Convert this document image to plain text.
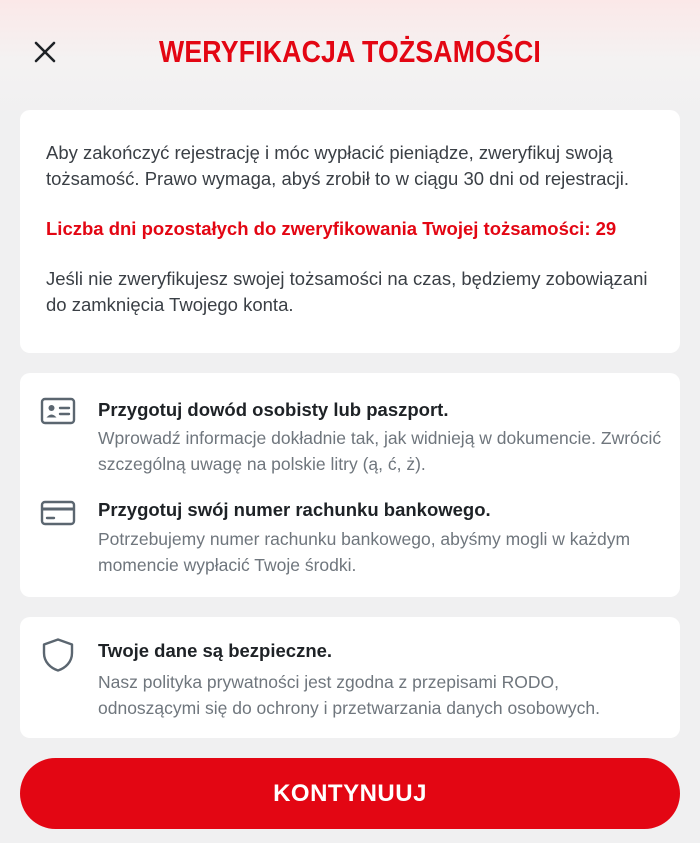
WERYFIKACJA TOŻSAMOŚCI

Aby zakończyć rejestrację i móc wypłacić pieniądze, zweryfikuj swoją tożsamość. Prawo wymaga, abyś zrobił to w ciągu 30 dni od rejestracji.

Liczba dni pozostałych do zweryfikowania Twojej tożsamości: 29

Jeśli nie zweryfikujesz swojej tożsamości na czas, będziemy zobowiązani do zamknięcia Twojego konta.

Przygotuj dowód osobisty lub paszport.

Wprowadź informacje dokładnie tak, jak widnieją w dokumencie. Zwrócić szczególną uwagę na polskie litry (ą, ć, ż).

Przygotuj swój numer rachunku bankowego.

Potrzebujemy numer rachunku bankowego, abyśmy mogli w każdym momencie wypłacić Twoje środki.

Twoje dane są bezpieczne.

Nasz polityka prywatności jest zgodna z przepisami RODO, odnoszącymi się do ochrony i przetwarzania danych osobowych.

KONTYNUUJ
